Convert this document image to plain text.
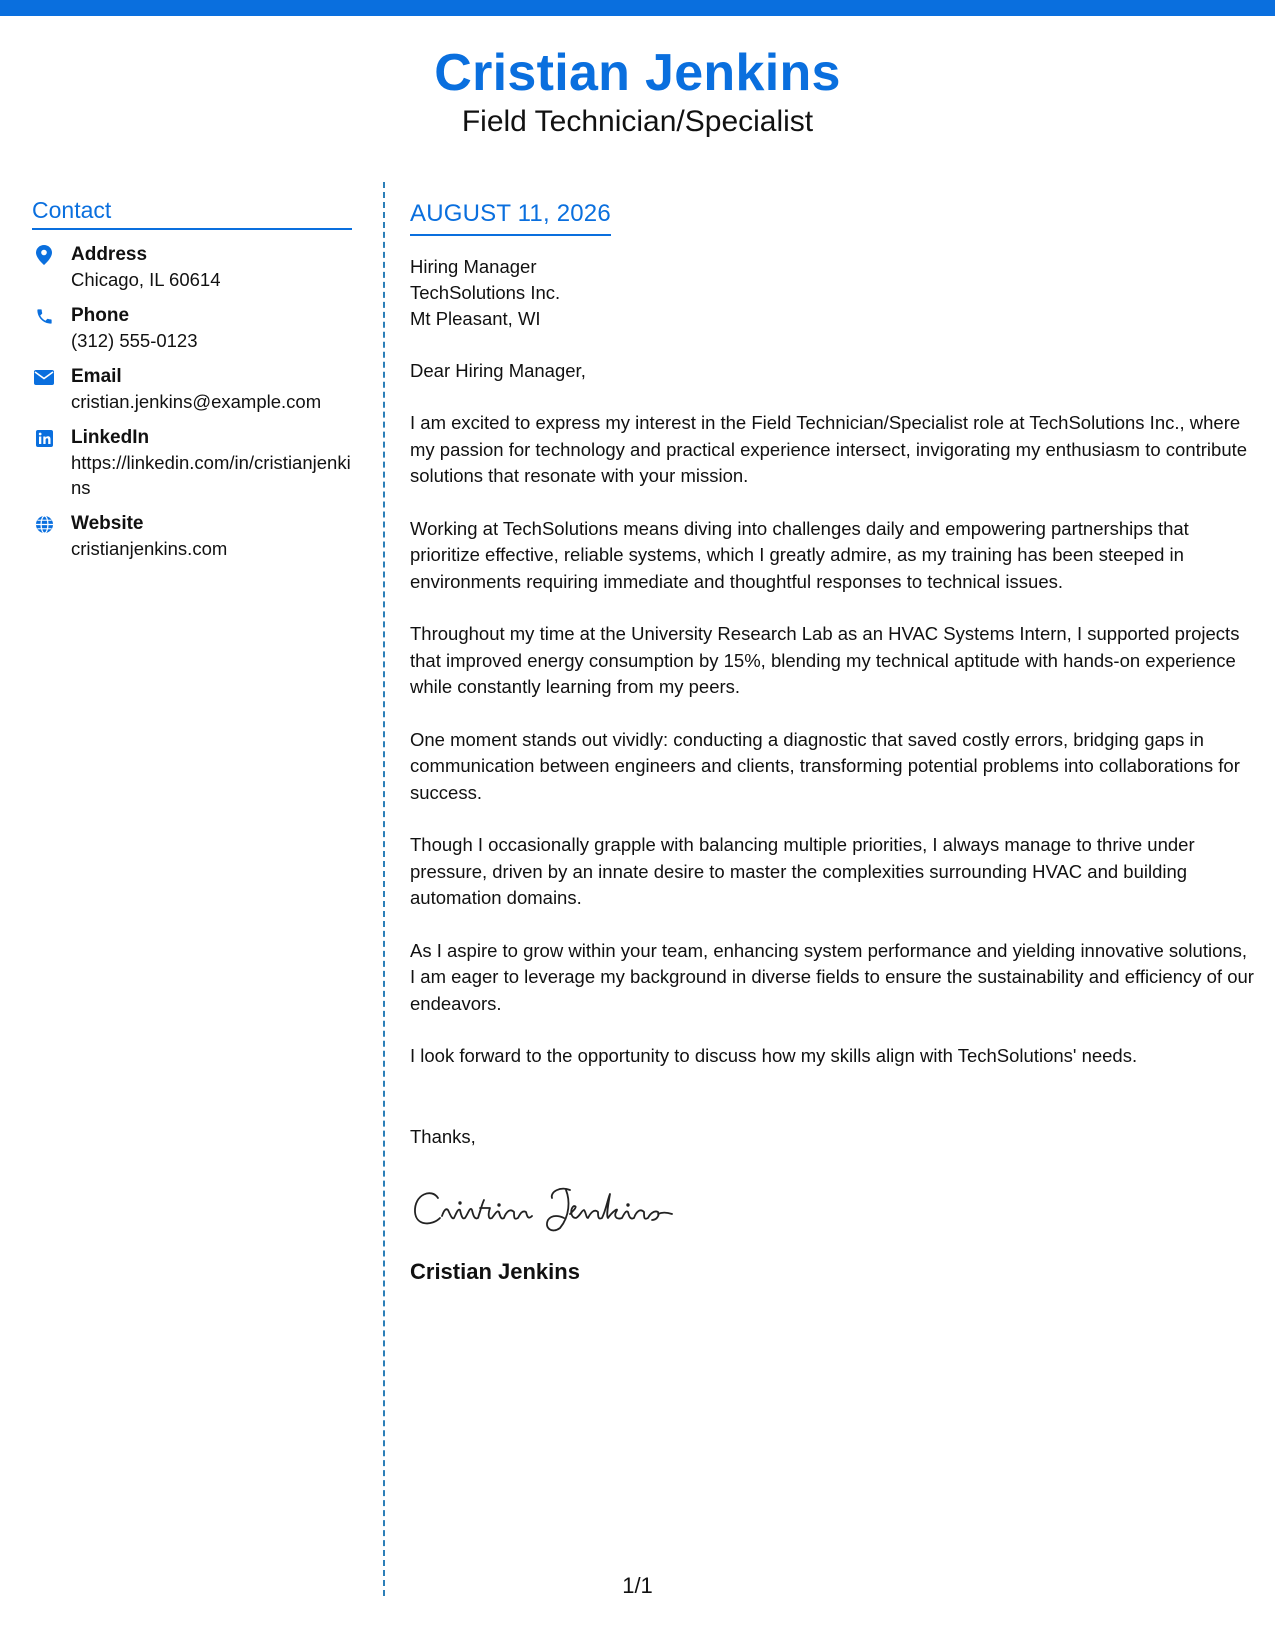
Cristian Jenkins
Field Technician/Specialist
Contact
Address
Chicago, IL 60614
Phone
(312) 555-0123
Email
cristian.jenkins@example.com
LinkedIn
https://linkedin.com/in/cristianjenkins
Website
cristianjenkins.com
AUGUST 11, 2026
Hiring Manager
TechSolutions Inc.
Mt Pleasant, WI
Dear Hiring Manager,
I am excited to express my interest in the Field Technician/Specialist role at TechSolutions Inc., where my passion for technology and practical experience intersect, invigorating my enthusiasm to contribute solutions that resonate with your mission.
Working at TechSolutions means diving into challenges daily and empowering partnerships that prioritize effective, reliable systems, which I greatly admire, as my training has been steeped in environments requiring immediate and thoughtful responses to technical issues.
Throughout my time at the University Research Lab as an HVAC Systems Intern, I supported projects that improved energy consumption by 15%, blending my technical aptitude with hands-on experience while constantly learning from my peers.
One moment stands out vividly: conducting a diagnostic that saved costly errors, bridging gaps in communication between engineers and clients, transforming potential problems into collaborations for success.
Though I occasionally grapple with balancing multiple priorities, I always manage to thrive under pressure, driven by an innate desire to master the complexities surrounding HVAC and building automation domains.
As I aspire to grow within your team, enhancing system performance and yielding innovative solutions, I am eager to leverage my background in diverse fields to ensure the sustainability and efficiency of our endeavors.
I look forward to the opportunity to discuss how my skills align with TechSolutions' needs.
Thanks,
Cristian Jenkins
1/1
